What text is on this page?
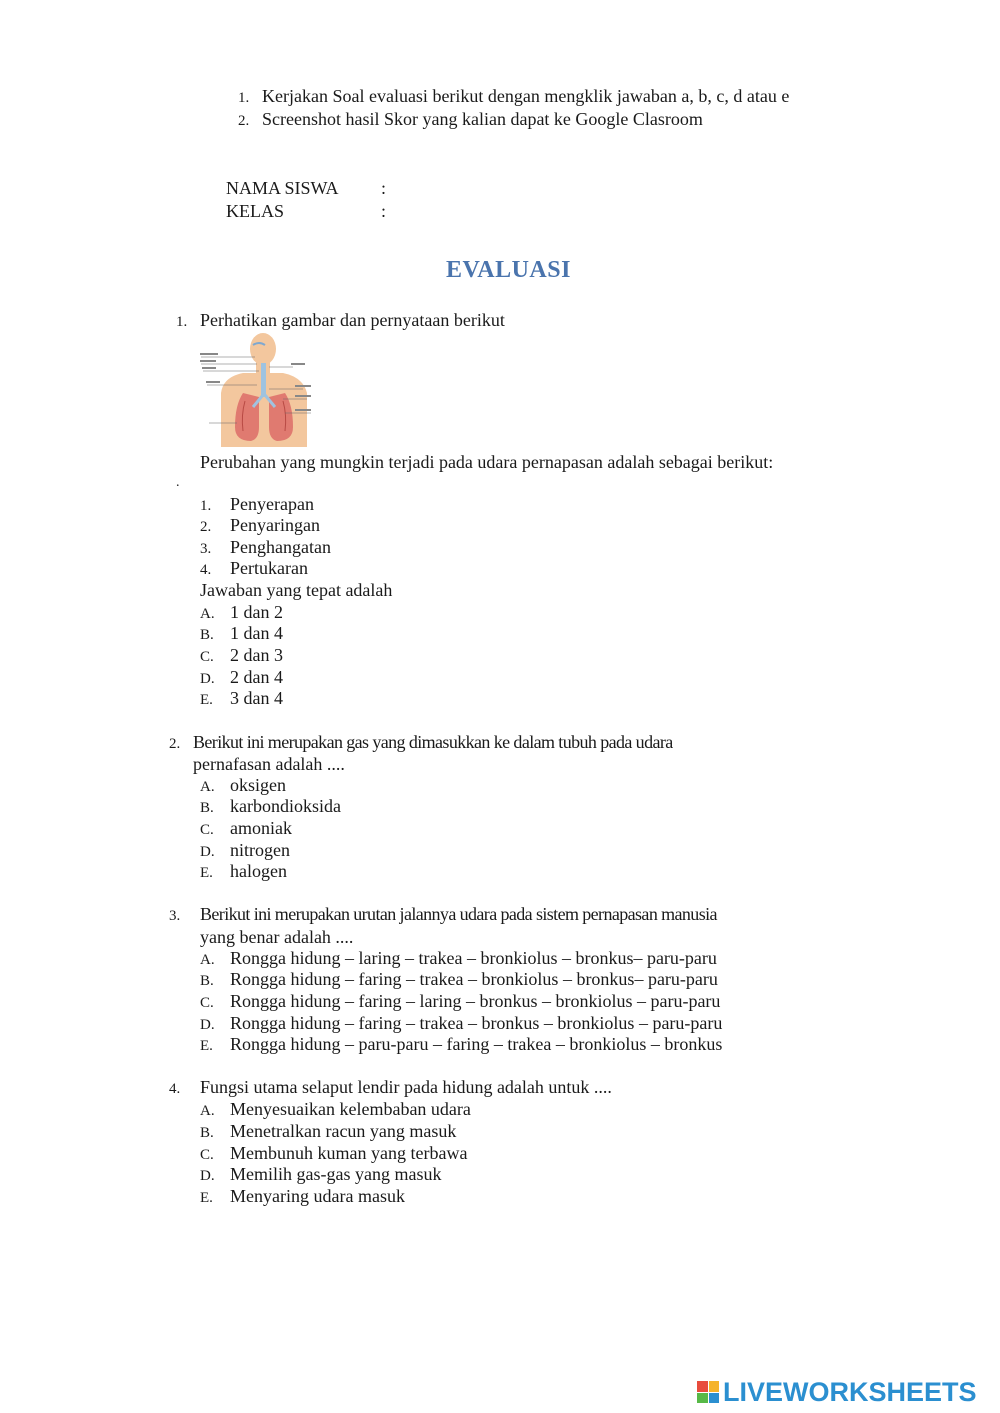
1. Kerjakan Soal evaluasi berikut dengan mengklik jawaban a, b, c, d atau e
2. Screenshot hasil Skor yang kalian dapat ke Google Clasroom
NAMA SISWA :
KELAS	:
EVALUASI
1. Perhatikan gambar dan pernyataan berikut
Perubahan yang mungkin terjadi pada udara pernapasan adalah sebagai berikut:
.
1. Penyerapan
2. Penyaringan
3. Penghangatan
4. Pertukaran
Jawaban yang tepat adalah
A. 1 dan 2
B. 1 dan 4
C. 2 dan 3
D. 2 dan 4
E. 3 dan 4
2. Berikut ini merupakan gas yang dimasukkan ke dalam tubuh pada udara
pernafasan adalah ....
A. oksigen
B. karbondioksida
C. amoniak
D. nitrogen
E. halogen
3. Berikut ini merupakan urutan jalannya udara pada sistem pernapasan manusia
yang benar adalah ....
A. Rongga hidung – laring – trakea – bronkiolus – bronkus– paru-paru
B. Rongga hidung – faring – trakea – bronkiolus – bronkus– paru-paru
C. Rongga hidung – faring – laring – bronkus – bronkiolus – paru-paru
D. Rongga hidung – faring – trakea – bronkus – bronkiolus – paru-paru
E. Rongga hidung – paru-paru – faring – trakea – bronkiolus – bronkus
4. Fungsi utama selaput lendir pada hidung adalah untuk ....
A. Menyesuaikan kelembaban udara
B. Menetralkan racun yang masuk
C. Membunuh kuman yang terbawa
D. Memilih gas-gas yang masuk
E. Menyaring udara masuk
LIVEWORKSHEETS
